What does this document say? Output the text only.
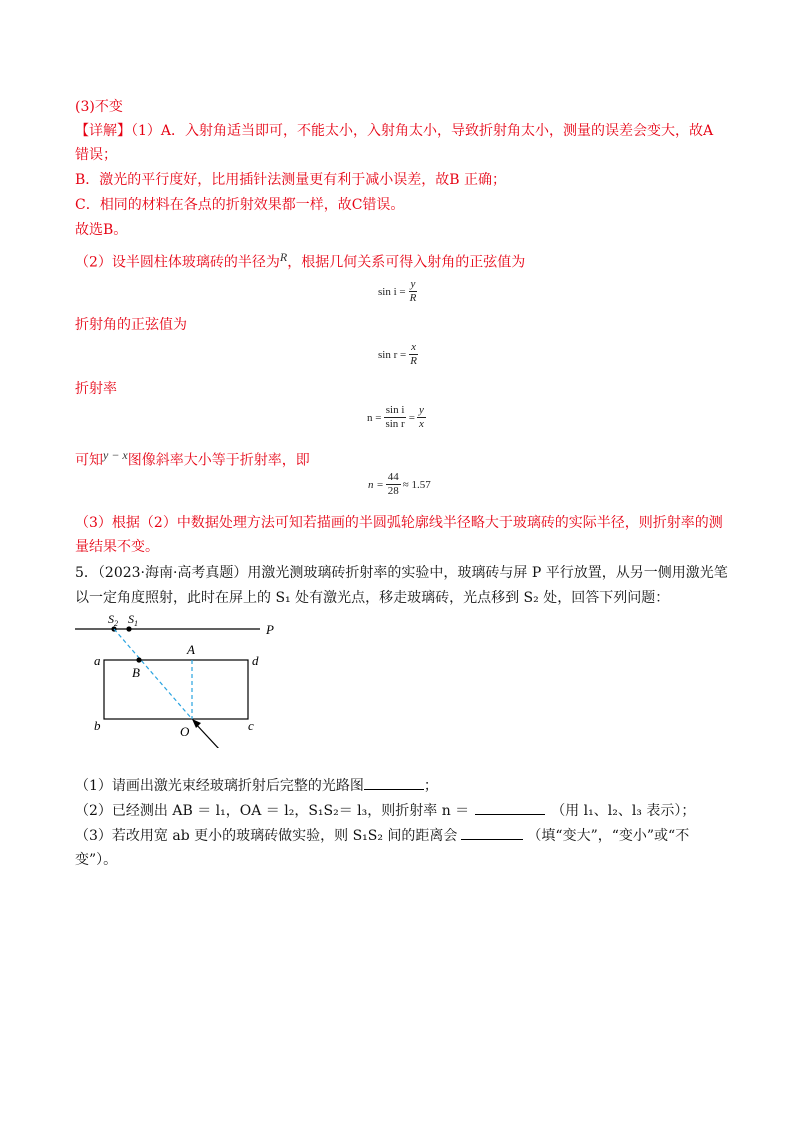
(3)不变
【详解】（1）A．入射角适当即可，不能太小，入射角太小，导致折射角太小，测量的误差会变大，故A
错误；
B．激光的平行度好，比用插针法测量更有利于减小误差，故B 正确；
C．相同的材料在各点的折射效果都一样，故C错误。
故选B。
（2）设半圆柱体玻璃砖的半径为R，根据几何关系可得入射角的正弦值为
$\sin i = \frac{y}{R}$
折射角的正弦值为
$\sin r = \frac{x}{R}$
折射率
$n = \frac{\text{sin i}}{\text{sin r}} = \frac{y}{x}$
可知y − x图像斜率大小等于折射率，即
$n = \frac{44}{28} \approx 1.57$
（3）根据（2）中数据处理方法可知若描画的半圆弧轮廓线半径略大于玻璃砖的实际半径，则折射率的测
量结果不变。
5．（2023·海南·高考真题）用激光测玻璃砖折射率的实验中，玻璃砖与屏 P 平行放置，从另一侧用激光笔
以一定角度照射，此时在屏上的 S₁ 处有激光点，移走玻璃砖，光点移到 S₂ 处，回答下列问题：
P
$S_2$ $S_1$
a	d
b	c
B
A
O
（1）请画出激光束经玻璃折射后完整的光路图	；
（2）已经测出 AB ＝ l₁，OA ＝ l₂，S₁S₂＝ l₃，则折射率 n ＝	（用 l₁、l₂、l₃ 表示）；
（3）若改用宽 ab 更小的玻璃砖做实验，则 S₁S₂ 间的距离会	（填“变大”，“变小”或“不
变”）。
